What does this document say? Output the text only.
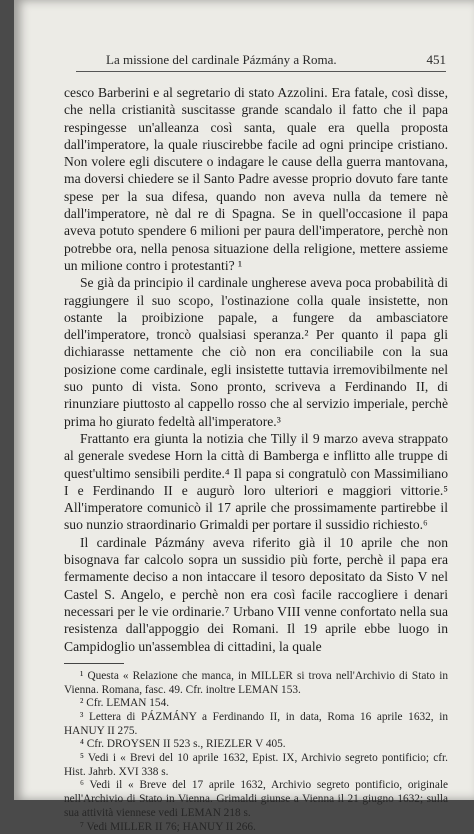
La missione del cardinale Pázmány a Roma.	451

cesco Barberini e al segretario di stato Azzolini. Era fatale, così disse, che nella cristianità suscitasse grande scandalo il fatto che il papa respingesse un'alleanza così santa, quale era quella proposta dall'imperatore, la quale riuscirebbe facile ad ogni principe cristiano. Non volere egli discutere o indagare le cause della guerra mantovana, ma doversi chiedere se il Santo Padre avesse proprio dovuto fare tante spese per la sua difesa, quando non aveva nulla da temere nè dall'imperatore, nè dal re di Spagna. Se in quell'occasione il papa aveva potuto spendere 6 milioni per paura dell'imperatore, perchè non potrebbe ora, nella penosa situazione della religione, mettere assieme un milione contro i protestanti? ¹

Se già da principio il cardinale ungherese aveva poca probabilità di raggiungere il suo scopo, l'ostinazione colla quale insistette, non ostante la proibizione papale, a fungere da ambasciatore dell'imperatore, troncò qualsiasi speranza.² Per quanto il papa gli dichiarasse nettamente che ciò non era conciliabile con la sua posizione come cardinale, egli insistette tuttavia irremovibilmente nel suo punto di vista. Sono pronto, scriveva a Ferdinando II, di rinunziare piuttosto al cappello rosso che al servizio imperiale, perchè prima ho giurato fedeltà all'imperatore.³

Frattanto era giunta la notizia che Tilly il 9 marzo aveva strappato al generale svedese Horn la città di Bamberga e inflitto alle truppe di quest'ultimo sensibili perdite.⁴ Il papa si congratulò con Massimiliano I e Ferdinando II e augurò loro ulteriori e maggiori vittorie.⁵ All'imperatore comunicò il 17 aprile che prossimamente partirebbe il suo nunzio straordinario Grimaldi per portare il sussidio richiesto.⁶

Il cardinale Pázmány aveva riferito già il 10 aprile che non bisognava far calcolo sopra un sussidio più forte, perchè il papa era fermamente deciso a non intaccare il tesoro depositato da Sisto V nel Castel S. Angelo, e perchè non era così facile raccogliere i denari necessari per le vie ordinarie.⁷ Urbano VIII venne confortato nella sua resistenza dall'appoggio dei Romani. Il 19 aprile ebbe luogo in Campidoglio un'assemblea di cittadini, la quale

¹ Questa « Relazione che manca, in MILLER si trova nell'Archivio di Stato in Vienna. Romana, fasc. 49. Cfr. inoltre LEMAN 153.

² Cfr. LEMAN 154.

³ Lettera di PÁZMÁNY a Ferdinando II, in data, Roma 16 aprile 1632, in HANUY II 275.

⁴ Cfr. DROYSEN II 523 s., RIEZLER V 405.

⁵ Vedi i « Brevi del 10 aprile 1632, Epist. IX, Archivio segreto pontificio; cfr. Hist. Jahrb. XVI 338 s.

⁶ Vedi il « Breve del 17 aprile 1632, Archivio segreto pontificio, originale nell'Archivio di Stato in Vienna. Grimaldi giunse a Vienna il 21 giugno 1632; sulla sua attività viennese vedi LEMAN 218 s.

⁷ Vedi MILLER II 76; HANUY II 266.
